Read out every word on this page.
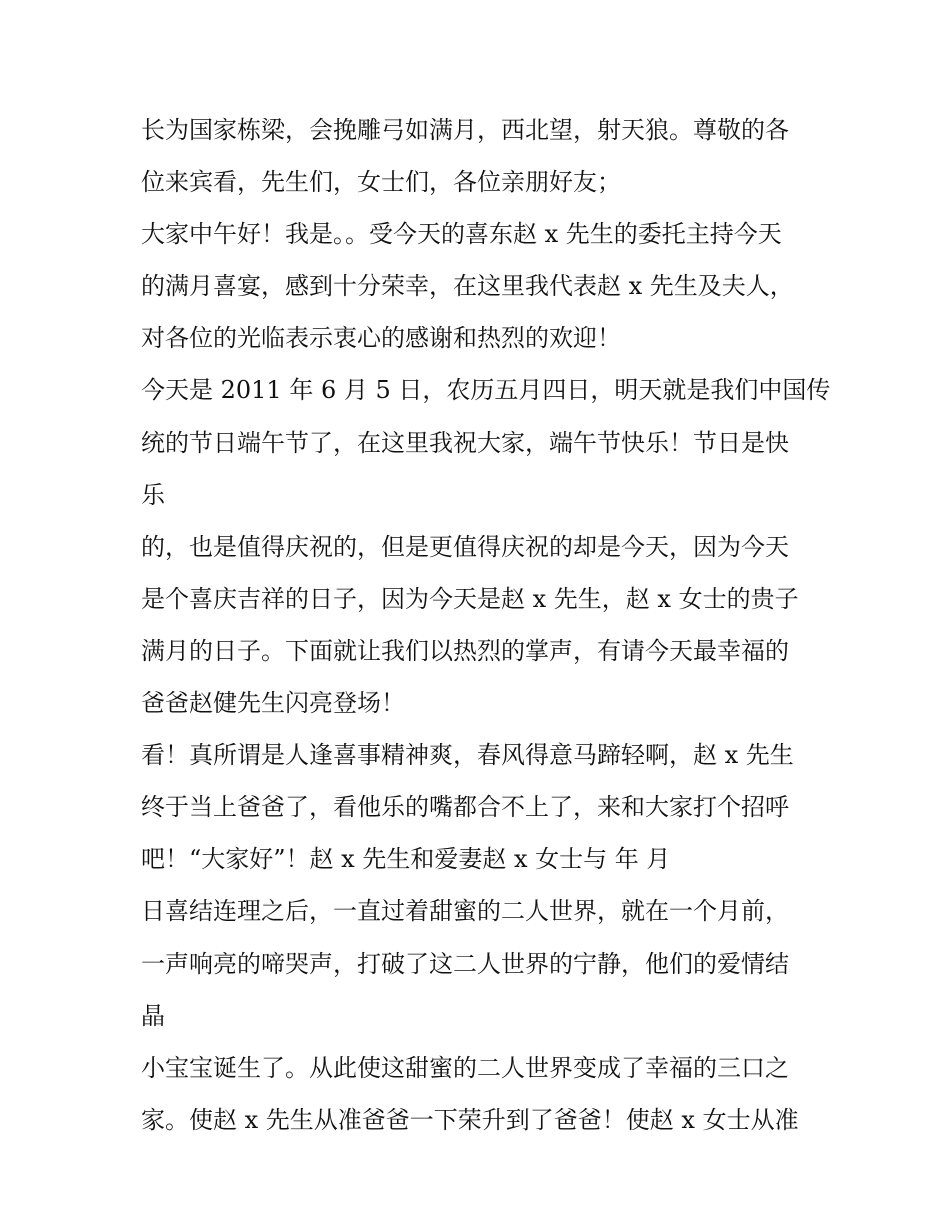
长为国家栋梁，会挽雕弓如满月，西北望，射天狼。尊敬的各
位来宾看，先生们，女士们，各位亲朋好友；
大家中午好！我是。。受今天的喜东赵 x 先生的委托主持今天
的满月喜宴，感到十分荣幸，在这里我代表赵 x 先生及夫人，
对各位的光临表示衷心的感谢和热烈的欢迎！
今天是 2011 年 6 月 5 日，农历五月四日，明天就是我们中国传
统的节日端午节了，在这里我祝大家，端午节快乐！节日是快
乐
的，也是值得庆祝的，但是更值得庆祝的却是今天，因为今天
是个喜庆吉祥的日子，因为今天是赵 x 先生，赵 x 女士的贵子
满月的日子。下面就让我们以热烈的掌声，有请今天最幸福的
爸爸赵健先生闪亮登场！
看！真所谓是人逢喜事精神爽，春风得意马蹄轻啊，赵 x 先生
终于当上爸爸了，看他乐的嘴都合不上了，来和大家打个招呼
吧！“大家好”！赵 x 先生和爱妻赵 x 女士与 年 月
日喜结连理之后，一直过着甜蜜的二人世界，就在一个月前，
一声响亮的啼哭声，打破了这二人世界的宁静，他们的爱情结
晶
小宝宝诞生了。从此使这甜蜜的二人世界变成了幸福的三口之
家。使赵 x 先生从准爸爸一下荣升到了爸爸！使赵 x 女士从准
